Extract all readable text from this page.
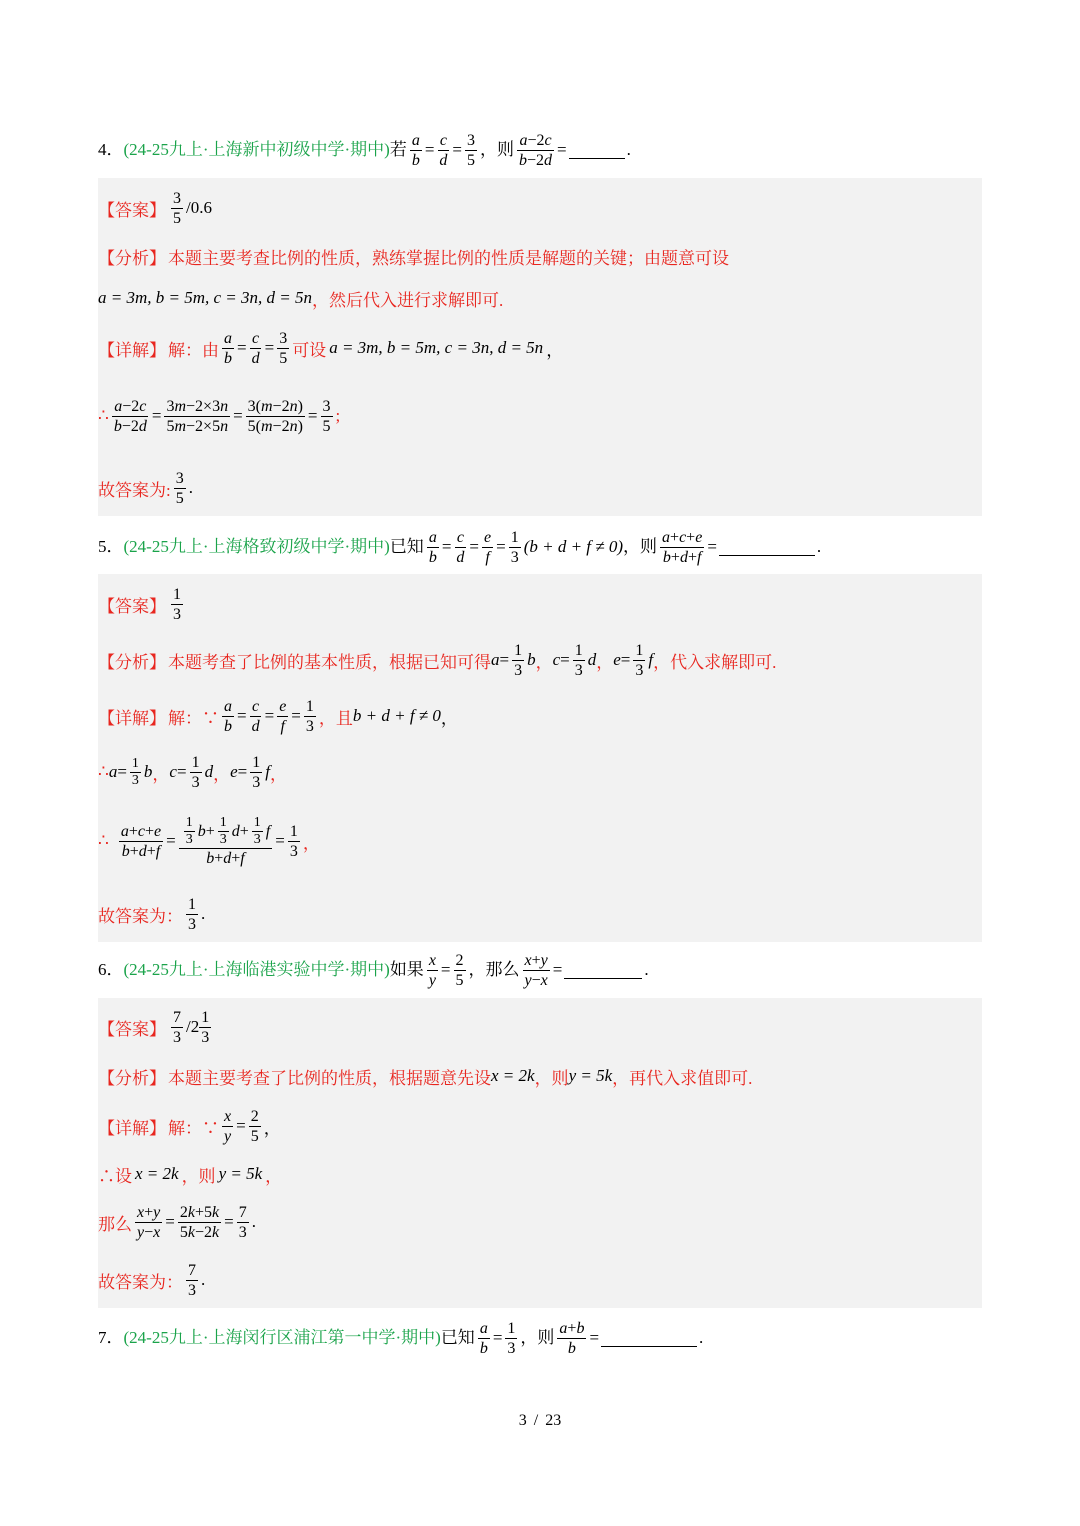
4． (24-25九上·上海新中初级中学·期中) 若 $\frac{a}{b} = \frac{c}{d} = \frac{3}{5}$ ，则 $\frac{a-2c}{b-2d}$ =	.
【答案】 $\frac{3}{5} /0.6$
【分析】 本题主要考查比例的性质，熟练掌握比例的性质是解题的关键；由题意可设
a = 3m, b = 5m, c = 3n, d = 5n ，然后代入进行求解即可.
【详解】 解：由 $\frac{a}{b} = \frac{c}{d} = \frac{3}{5}$ 可设 a = 3m, b = 5m, c = 3n, d = 5n ，
∴ $\frac{a-2c}{b-2d} = \frac{3m-2\times 3n}{5m-2\times 5n} = \frac{3(m-2n)}{5(m-2n)} = \frac{3}{5}$ ;
故答案为: $\frac{3}{5}$ .
5． (24-25九上·上海格致初级中学·期中) 已知 $\frac{a}{b} = \frac{c}{d} = \frac{e}{f} = \frac{1}{3} (b + d + f \ne 0)$ ，则 $\frac{a+c+e}{b+d+f}$ =	.
【答案】 $\frac{1}{3}$
【分析】 本题考查了比例的基本性质，根据已知可得 $a = \frac{1}{3}$ b ， $c = \frac{1}{3}$ d ， $e = \frac{1}{3}$ f ， 代入求解即可.
【详解】 解：∵ $\frac{a}{b} = \frac{c}{d} = \frac{e}{f} = \frac{1}{3}$ ， 且 b + d + f ≠ 0 ，
∴ $a = \frac{1}{3}$ b ， $c = \frac{1}{3}$ d ， $e = \frac{1}{3}$ f ，
∴ $\frac{a+c+e}{b+d+f} = \frac{\frac{1}{3} b + \frac{1}{3} d + \frac{1}{3} f}{b+d+f} = \frac{1}{3}$ ，
故答案为： $\frac{1}{3}$ .
6． (24-25九上·上海临港实验中学·期中) 如果 $\frac{x}{y} = \frac{2}{5}$ ，那么 $\frac{x+y}{y-x}$ =	.
【答案】 $\frac{7}{3} /2 \frac{1}{3}$
【分析】 本题主要考查了比例的性质，根据题意先设 x = 2k ，则 y = 5k ，再代入求值即可.
【详解】 解：∵ $\frac{x}{y} = \frac{2}{5}$ ，
∴设 x = 2k ，则 y = 5k ，
那么 $\frac{x+y}{y-x} = \frac{2k+5k}{5k-2k} = \frac{7}{3}$ .
故答案为： $\frac{7}{3}$ .
7． (24-25九上·上海闵行区浦江第一中学·期中) 已知 $\frac{a}{b} = \frac{1}{3}$ ，则 $\frac{a+b}{b}$ =	.
3 / 23
